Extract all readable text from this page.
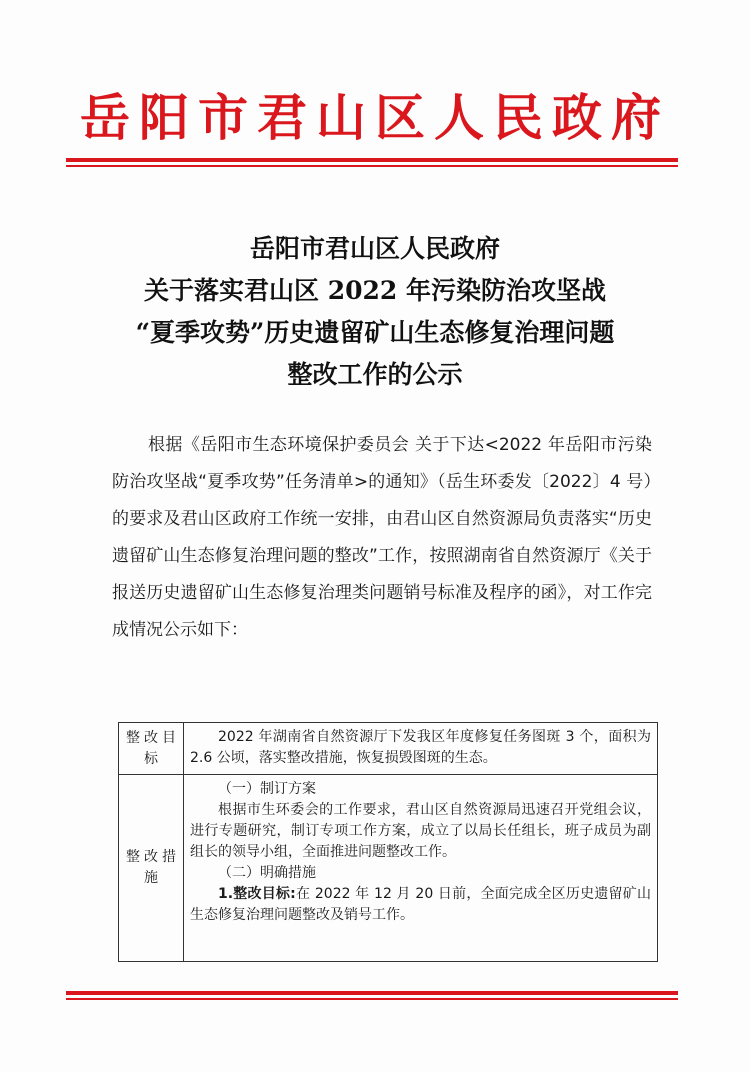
岳阳市君山区人民政府
岳阳市君山区人民政府
关于落实君山区 2022 年污染防治攻坚战
“夏季攻势”历史遗留矿山生态修复治理问题
整改工作的公示
根据《岳阳市生态环境保护委员会 关于下达<2022 年岳阳市污染防治攻坚战“夏季攻势”任务清单>的通知》（岳生环委发〔2022〕4 号）的要求及君山区政府工作统一安排，由君山区自然资源局负责落实“历史遗留矿山生态修复治理问题的整改”工作，按照湖南省自然资源厅《关于报送历史遗留矿山生态修复治理类问题销号标准及程序的函》，对工作完成情况公示如下：
整改目标	2022 年湖南省自然资源厅下发我区年度修复任务图斑 3 个，面积为 2.6 公顷，落实整改措施，恢复损毁图斑的生态。
整改措施	（一）制订方案
根据市生环委会的工作要求，君山区自然资源局迅速召开党组会议，进行专题研究，制订专项工作方案，成立了以局长任组长，班子成员为副组长的领导小组，全面推进问题整改工作。
（二）明确措施
1.整改目标:在 2022 年 12 月 20 日前，全面完成全区历史遗留矿山生态修复治理问题整改及销号工作。
